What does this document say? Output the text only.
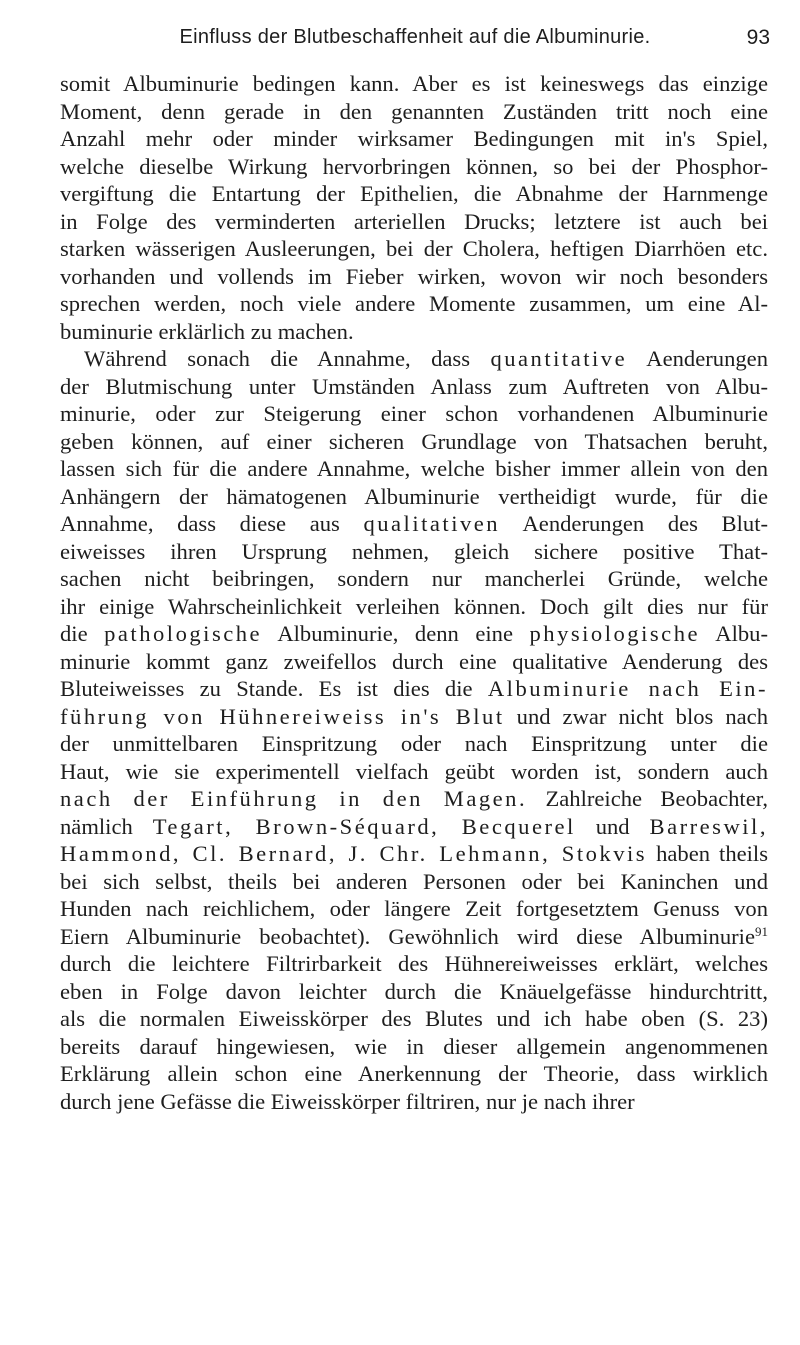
Einfluss der Blutbeschaffenheit auf die Albuminurie.	93
somit Albuminurie bedingen kann. Aber es ist keineswegs das einzige
Moment, denn gerade in den genannten Zuständen tritt noch eine
Anzahl mehr oder minder wirksamer Bedingungen mit in's Spiel,
welche dieselbe Wirkung hervorbringen können, so bei der Phosphor-
vergiftung die Entartung der Epithelien, die Abnahme der Harnmenge
in Folge des verminderten arteriellen Drucks; letztere ist auch bei
starken wässerigen Ausleerungen, bei der Cholera, heftigen Diarrhöen etc.
vorhanden und vollends im Fieber wirken, wovon wir noch besonders
sprechen werden, noch viele andere Momente zusammen, um eine Al-
buminurie erklärlich zu machen.
Während sonach die Annahme, dass quantitative Aenderungen
der Blutmischung unter Umständen Anlass zum Auftreten von Albu-
minurie, oder zur Steigerung einer schon vorhandenen Albuminurie
geben können, auf einer sicheren Grundlage von Thatsachen beruht,
lassen sich für die andere Annahme, welche bisher immer allein von den
Anhängern der hämatogenen Albuminurie vertheidigt wurde, für die
Annahme, dass diese aus qualitativen Aenderungen des Blut-
eiweisses ihren Ursprung nehmen, gleich sichere positive That-
sachen nicht beibringen, sondern nur mancherlei Gründe, welche
ihr einige Wahrscheinlichkeit verleihen können. Doch gilt dies nur für
die pathologische Albuminurie, denn eine physiologische Albu-
minurie kommt ganz zweifellos durch eine qualitative Aenderung des
Bluteiweisses zu Stande. Es ist dies die Albuminurie nach Ein-
führung von Hühnereiweiss in's Blut und zwar nicht blos nach
der unmittelbaren Einspritzung oder nach Einspritzung unter die
Haut, wie sie experimentell vielfach geübt worden ist, sondern auch
nach der Einführung in den Magen. Zahlreiche Beobachter,
nämlich Tegart, Brown-Séquard, Becquerel und Barreswil,
Hammond, Cl. Bernard, J. Chr. Lehmann, Stokvis haben theils
bei sich selbst, theils bei anderen Personen oder bei Kaninchen und
Hunden nach reichlichem, oder längere Zeit fortgesetztem Genuss von
Eiern Albuminurie beobachtet). Gewöhnlich wird diese Albuminurie$^{91}$
durch die leichtere Filtrirbarkeit des Hühnereiweisses erklärt, welches
eben in Folge davon leichter durch die Knäuelgefässe hindurchtritt,
als die normalen Eiweisskörper des Blutes und ich habe oben (S. 23)
bereits darauf hingewiesen, wie in dieser allgemein angenommenen
Erklärung allein schon eine Anerkennung der Theorie, dass wirklich
durch jene Gefässe die Eiweisskörper filtriren, nur je nach ihrer
